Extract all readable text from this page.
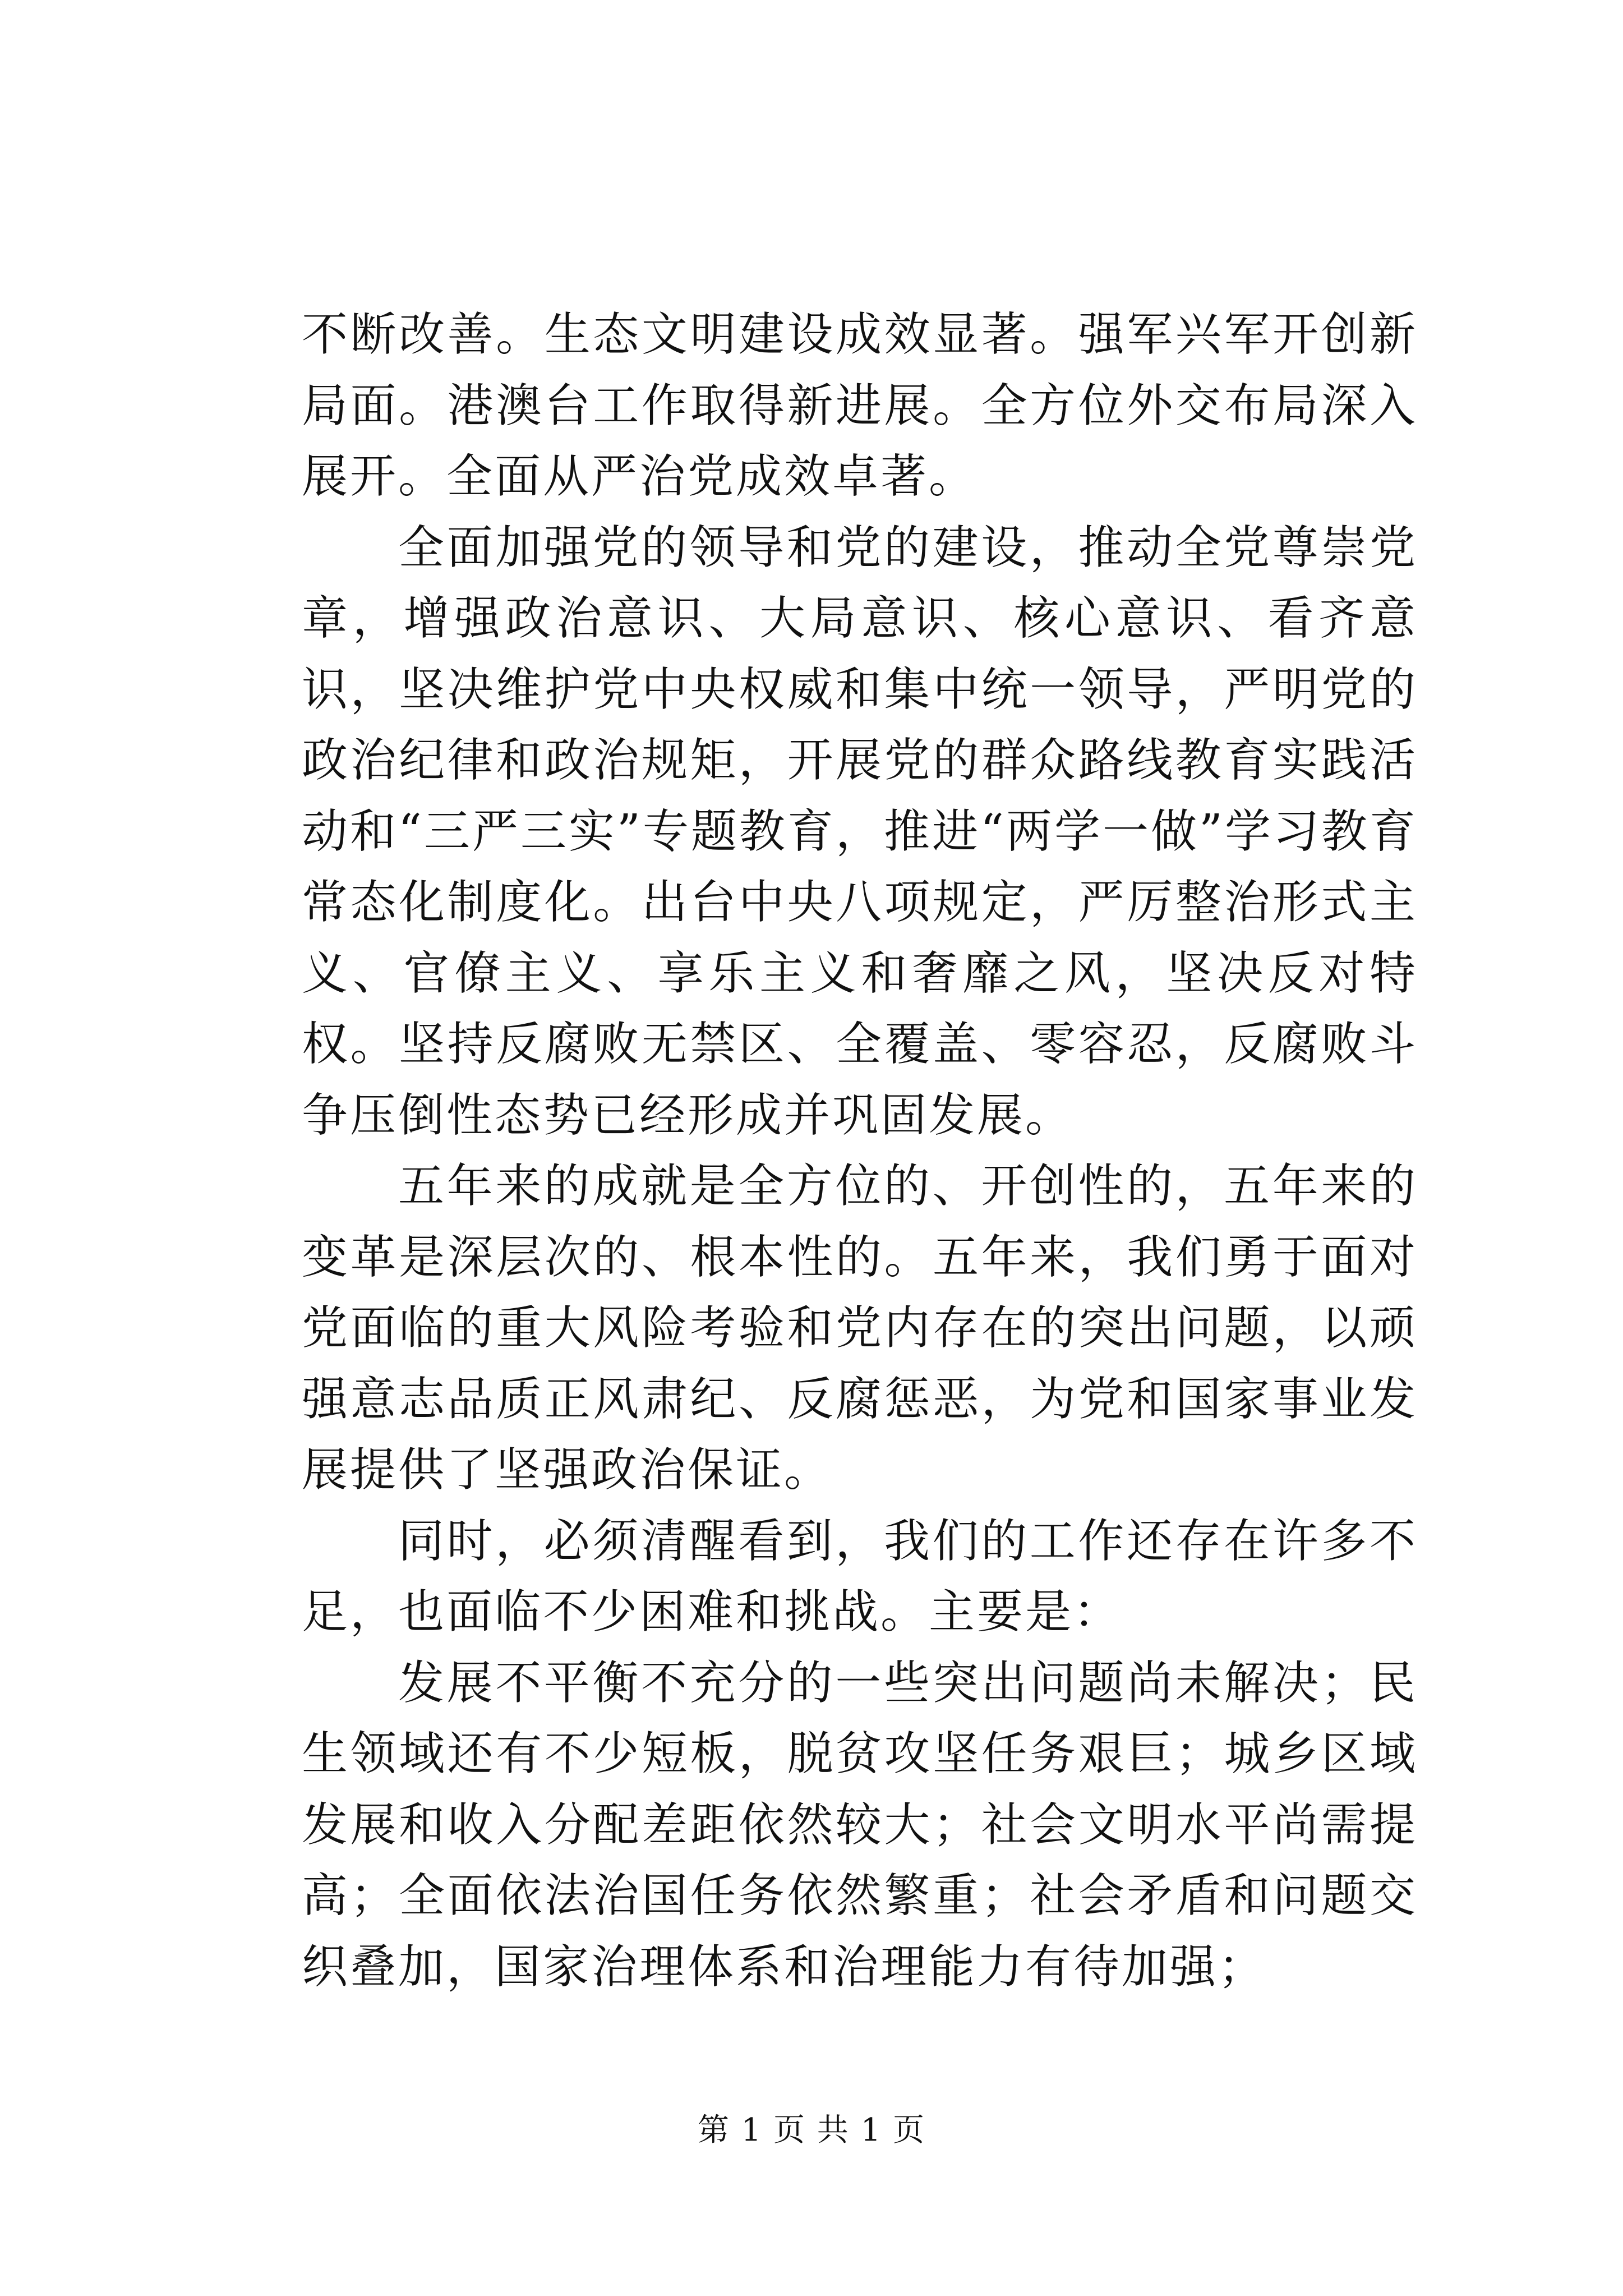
不断改善。生态文明建设成效显著。强军兴军开创新局面。港澳台工作取得新进展。全方位外交布局深入展开。全面从严治党成效卓著。

全面加强党的领导和党的建设，推动全党尊崇党章，增强政治意识、大局意识、核心意识、看齐意识，坚决维护党中央权威和集中统一领导，严明党的政治纪律和政治规矩，开展党的群众路线教育实践活动和“三严三实”专题教育，推进“两学一做”学习教育常态化制度化。出台中央八项规定，严厉整治形式主义、官僚主义、享乐主义和奢靡之风，坚决反对特权。坚持反腐败无禁区、全覆盖、零容忍，反腐败斗争压倒性态势已经形成并巩固发展。

五年来的成就是全方位的、开创性的，五年来的变革是深层次的、根本性的。五年来，我们勇于面对党面临的重大风险考验和党内存在的突出问题，以顽强意志品质正风肃纪、反腐惩恶，为党和国家事业发展提供了坚强政治保证。

同时，必须清醒看到，我们的工作还存在许多不足，也面临不少困难和挑战。主要是：

发展不平衡不充分的一些突出问题尚未解决；民生领域还有不少短板，脱贫攻坚任务艰巨；城乡区域发展和收入分配差距依然较大；社会文明水平尚需提高；全面依法治国任务依然繁重；社会矛盾和问题交织叠加，国家治理体系和治理能力有待加强；

第 1 页 共 1 页
